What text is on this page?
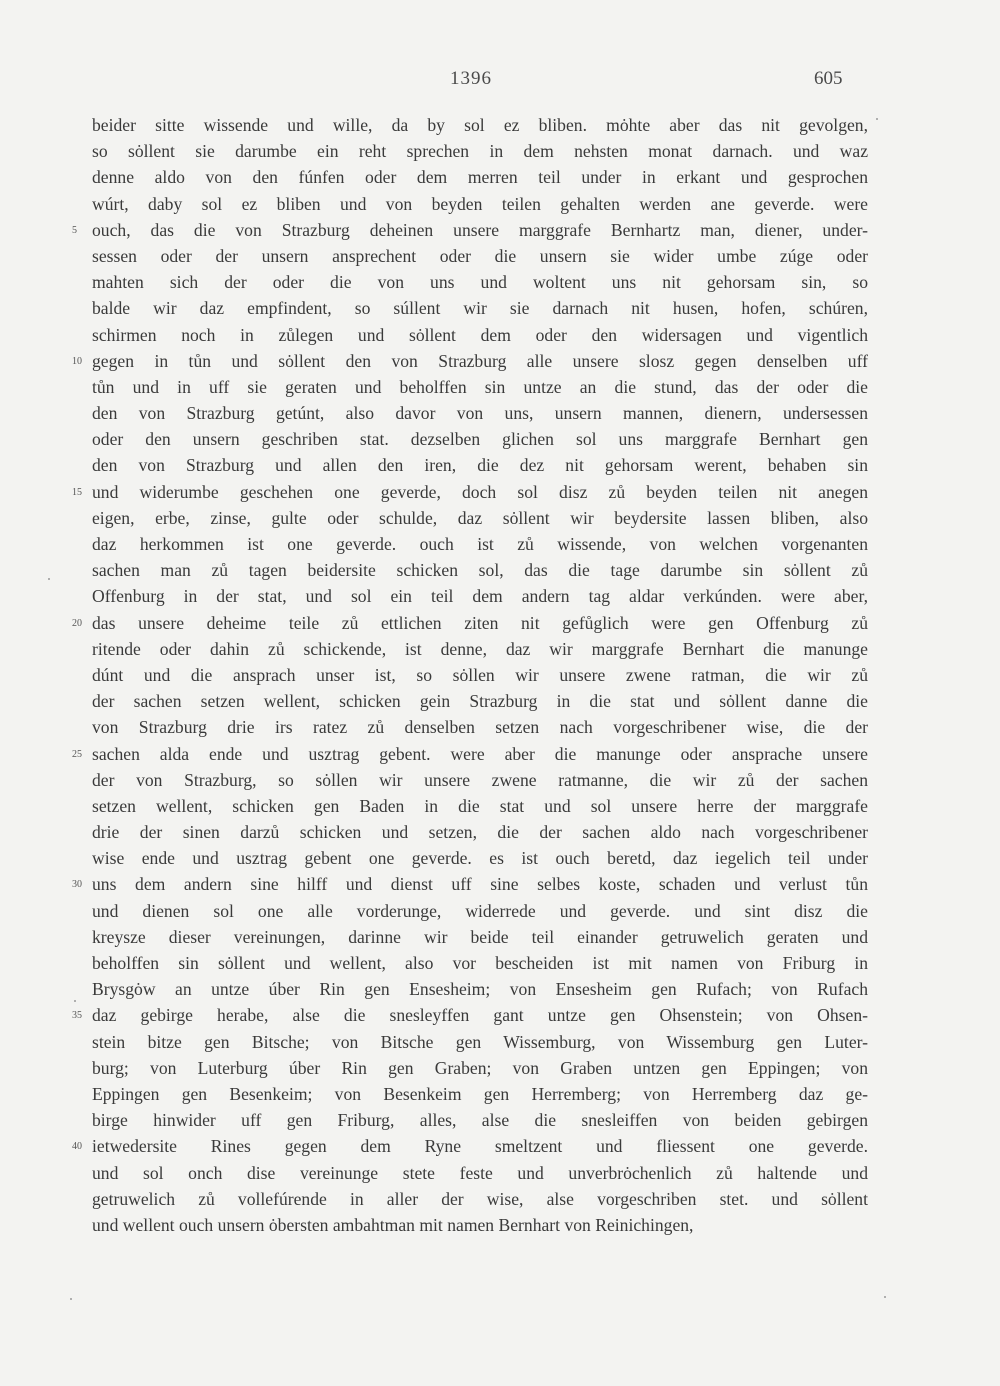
1396	605
beider sitte wissende und wille, da by sol ez bliben. mȯhte aber das nit gevolgen,
so sȯllent sie darumbe ein reht sprechen in dem nehsten monat darnach. und waz
denne aldo von den fúnfen oder dem merren teil under in erkant und gesprochen
wúrt, daby sol ez bliben und von beyden teilen gehalten werden ane geverde. were
5 ouch, das die von Strazburg deheinen unsere marggrafe Bernhartz man, diener, under-
sessen oder der unsern ansprechent oder die unsern sie wider umbe zúge oder
mahten sich der oder die von uns und woltent uns nit gehorsam sin, so
balde wir daz empfindent, so súllent wir sie darnach nit husen, hofen, schúren,
schirmen noch in zůlegen und sȯllent dem oder den widersagen und vigentlich
10 gegen in tůn und sȯllent den von Strazburg alle unsere slosz gegen denselben uff
tůn und in uff sie geraten und beholffen sin untze an die stund, das der oder die
den von Strazburg getúnt, also davor von uns, unsern mannen, dienern, undersessen
oder den unsern geschriben stat. dezselben glichen sol uns marggrafe Bernhart gen
den von Strazburg und allen den iren, die dez nit gehorsam werent, behaben sin
15 und widerumbe geschehen one geverde, doch sol disz zů beyden teilen nit anegen
eigen, erbe, zinse, gulte oder schulde, daz sȯllent wir beydersite lassen bliben, also
daz herkommen ist one geverde. ouch ist zů wissende, von welchen vorgenanten
sachen man zů tagen beidersite schicken sol, das die tage darumbe sin sȯllent zů
Offenburg in der stat, und sol ein teil dem andern tag aldar verkúnden. were aber,
20 das unsere deheime teile zů ettlichen ziten nit gefůglich were gen Offenburg zů
ritende oder dahin zů schickende, ist denne, daz wir marggrafe Bernhart die manunge
dúnt und die ansprach unser ist, so sȯllen wir unsere zwene ratman, die wir zů
der sachen setzen wellent, schicken gein Strazburg in die stat und sȯllent danne die
von Strazburg drie irs ratez zů denselben setzen nach vorgeschribener wise, die der
25 sachen alda ende und usztrag gebent. were aber die manunge oder ansprache unsere
der von Strazburg, so sȯllen wir unsere zwene ratmanne, die wir zů der sachen
setzen wellent, schicken gen Baden in die stat und sol unsere herre der marggrafe
drie der sinen darzů schicken und setzen, die der sachen aldo nach vorgeschribener
wise ende und usztrag gebent one geverde. es ist ouch beretd, daz iegelich teil under
30 uns dem andern sine hilff und dienst uff sine selbes koste, schaden und verlust tůn
und dienen sol one alle vorderunge, widerrede und geverde. und sint disz die
kreysze dieser vereinungen, darinne wir beide teil einander getruwelich geraten und
beholffen sin sȯllent und wellent, also vor bescheiden ist mit namen von Friburg in
Brysgȯw an untze úber Rin gen Ensesheim; von Ensesheim gen Rufach; von Rufach
35 daz gebirge herabe, alse die snesleyffen gant untze gen Ohsenstein; von Ohsen-
stein bitze gen Bitsche; von Bitsche gen Wissemburg, von Wissemburg gen Luter-
burg; von Luterburg úber Rin gen Graben; von Graben untzen gen Eppingen; von
Eppingen gen Besenkeim; von Besenkeim gen Herremberg; von Herremberg daz ge-
birge hinwider uff gen Friburg, alles, alse die snesleiffen von beiden gebirgen
40 ietwedersite Rines gegen dem Ryne smeltzent und fliessent one geverde.
und sol onch dise vereinunge stete feste und unverbrȯchenlich zů haltende und
getruwelich zů vollefúrende in aller der wise, alse vorgeschriben stet. und sȯllent
und wellent ouch unsern ȯbersten ambahtman mit namen Bernhart von Reinichingen,
